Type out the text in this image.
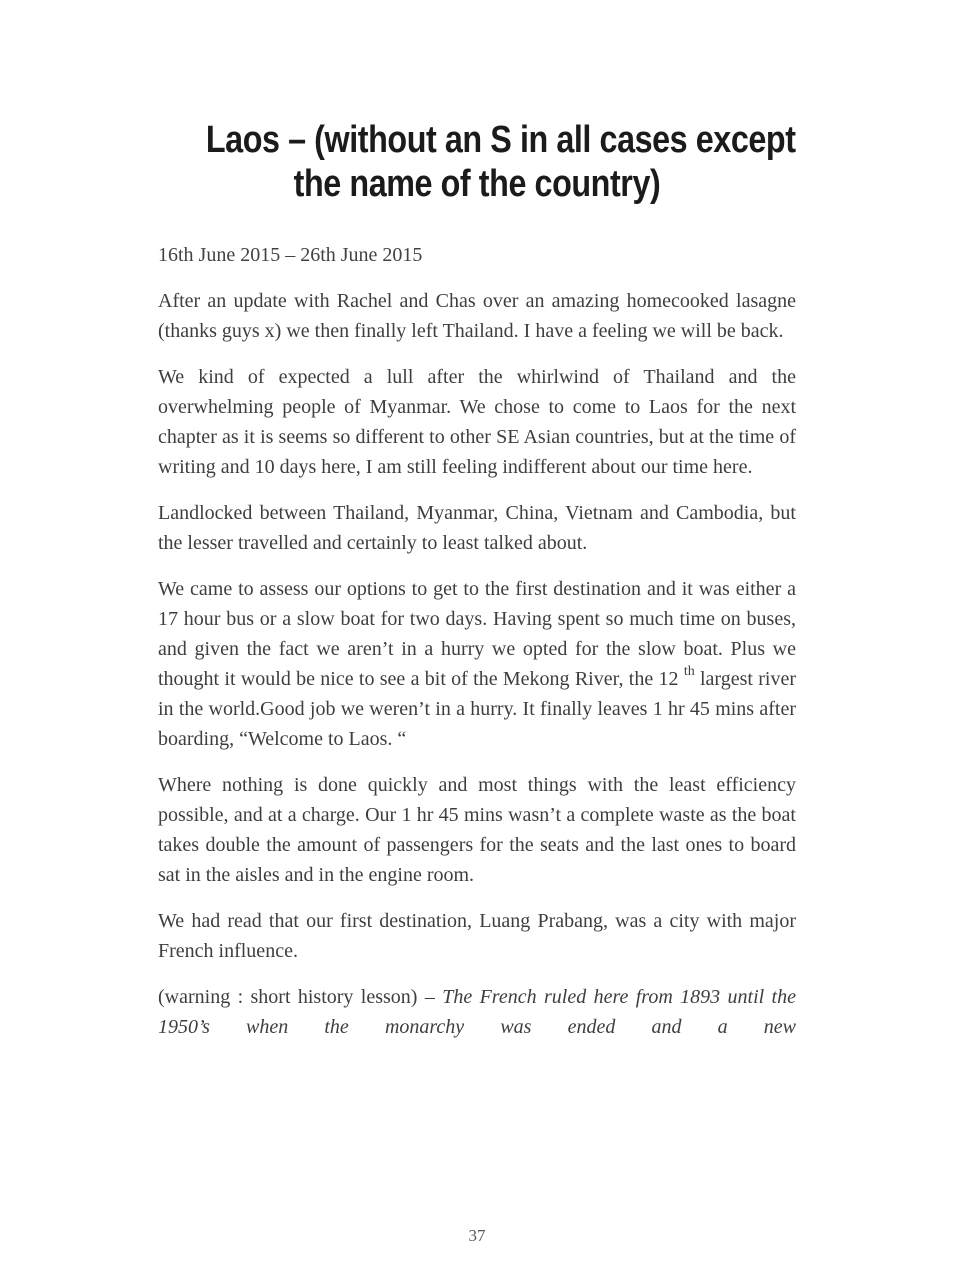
Laos – (without an S in all cases except
the name of the country)
16th June 2015 – 26th June 2015

After an update with Rachel and Chas over an amazing homecooked lasagne (thanks guys x) we then finally left Thailand. I have a feeling we will be back.

We kind of expected a lull after the whirlwind of Thailand and the overwhelming people of Myanmar. We chose to come to Laos for the next chapter as it is seems so different to other SE Asian countries, but at the time of writing and 10 days here, I am still feeling indifferent about our time here.

Landlocked between Thailand, Myanmar, China, Vietnam and Cambodia, but the lesser travelled and certainly to least talked about.

We came to assess our options to get to the first destination and it was either a 17 hour bus or a slow boat for two days. Having spent so much time on buses, and given the fact we aren’t in a hurry we opted for the slow boat. Plus we thought it would be nice to see a bit of the Mekong River, the 12 $^{th}$ largest river in the world.Good job we weren’t in a hurry. It finally leaves 1 hr 45 mins after boarding, “Welcome to Laos. “

Where nothing is done quickly and most things with the least efficiency possible, and at a charge. Our 1 hr 45 mins wasn’t a complete waste as the boat takes double the amount of passengers for the seats and the last ones to board sat in the aisles and in the engine room.

We had read that our first destination, Luang Prabang, was a city with major French influence.

(warning : short history lesson) – The French ruled here from 1893 until the 1950’s when the monarchy was ended and a new

37
